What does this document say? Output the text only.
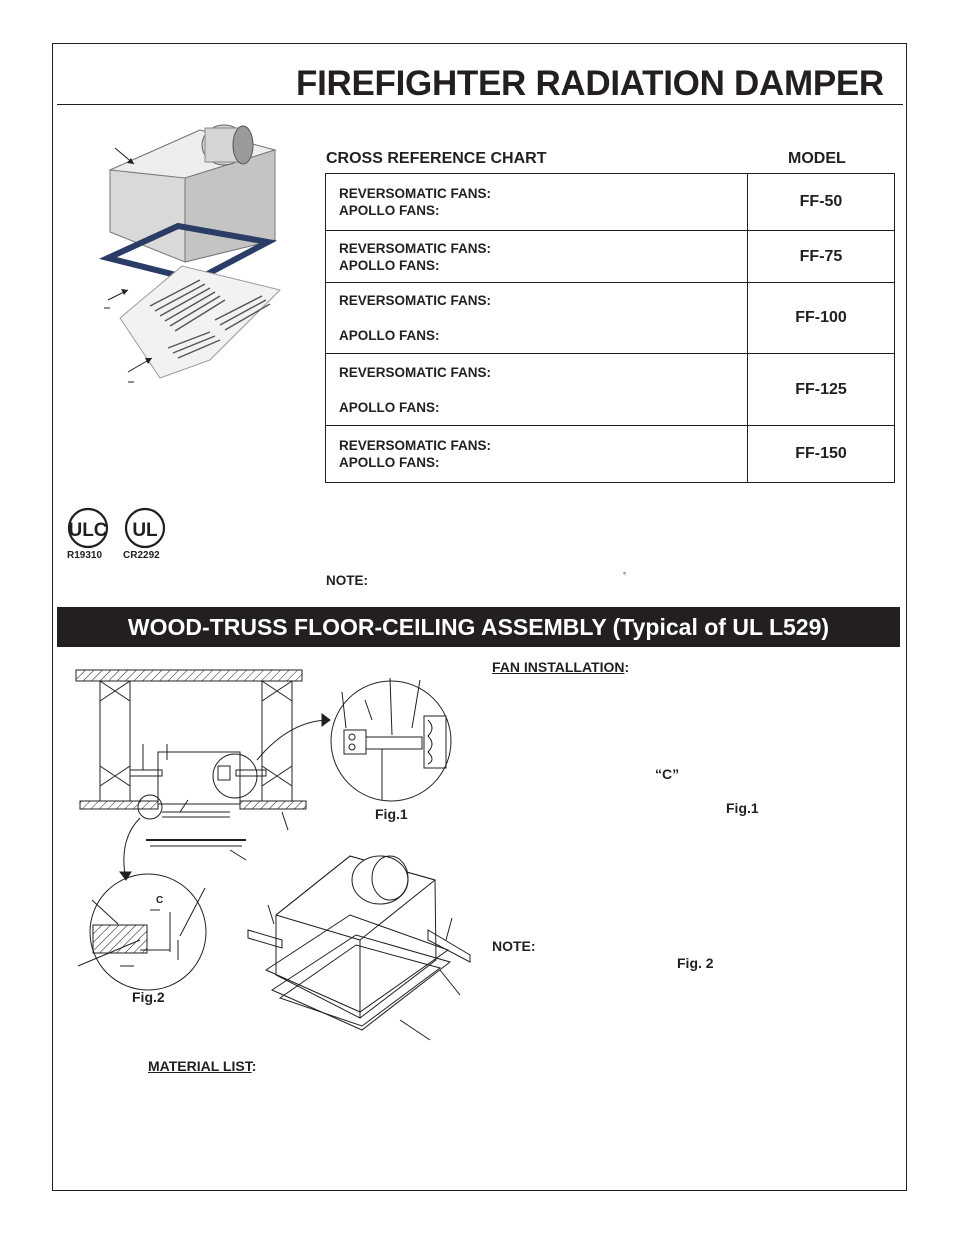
FIREFIGHTER RADIATION DAMPER
CROSS REFERENCE CHART	MODEL
REVERSOMATIC FANS:
APOLLO FANS:	FF-50

REVERSOMATIC FANS:
APOLLO FANS:	FF-75

REVERSOMATIC FANS:
APOLLO FANS:	FF-100

REVERSOMATIC FANS:
APOLLO FANS:	FF-125

REVERSOMATIC FANS:
APOLLO FANS:	FF-150
ULC UL
R19310 CR2292
NOTE:	°
WOOD-TRUSS FLOOR-CEILING ASSEMBLY (Typical of UL L529)
Fig.1
Fig.2
C
FAN INSTALLATION:
“C”
Fig.1
NOTE:
Fig. 2
MATERIAL LIST:
